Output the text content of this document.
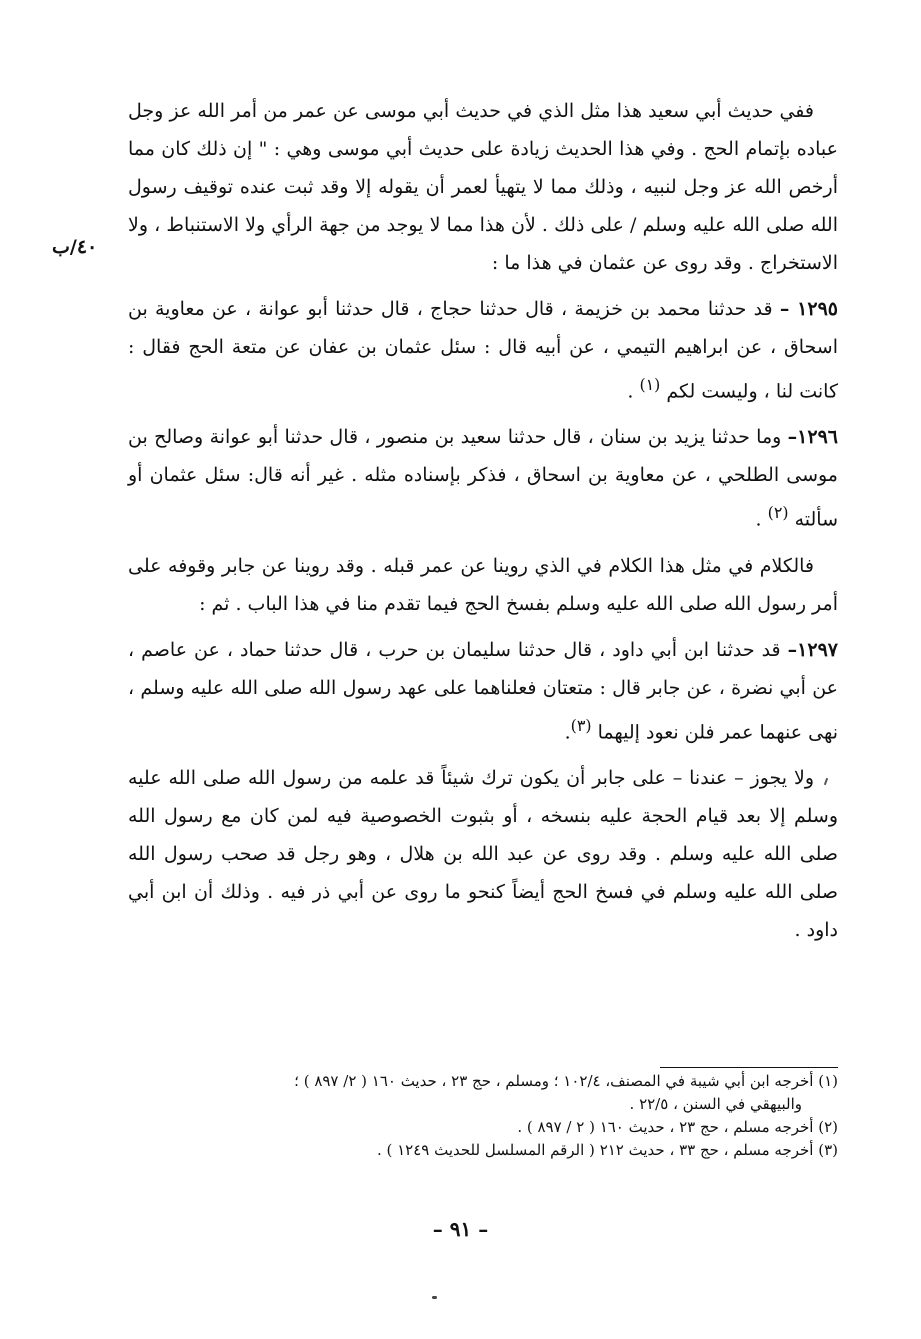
ففي حديث أبي سعيد هذا مثل الذي في حديث أبي موسى عن عمر من أمر الله عز وجل عباده بإتمام الحج . وفي هذا الحديث زيادة على حديث أبي موسى وهي : " إن ذلك كان مما أرخص الله عز وجل لنبيه ، وذلك مما لا يتهيأ لعمر أن يقوله إلا وقد ثبت عنده توقيف رسول الله صلى الله عليه وسلم / على ذلك . لأن هذا مما لا يوجد من جهة الرأي ولا الاستنباط ، ولا الاستخراج . وقد روى عن عثمان في هذا ما :

١٢٩٥ – قد حدثنا محمد بن خزيمة ، قال حدثنا حجاج ، قال حدثنا أبو عوانة ، عن معاوية بن اسحاق ، عن ابراهيم التيمي ، عن أبيه قال : سئل عثمان بن عفان عن متعة الحج فقال : كانت لنا ، وليست لكم $^{(١)}$ .

١٢٩٦– وما حدثنا يزيد بن سنان ، قال حدثنا سعيد بن منصور ، قال حدثنا أبو عوانة وصالح بن موسى الطلحي ، عن معاوية بن اسحاق ، فذكر بإسناده مثله . غير أنه قال: سئل عثمان أو سألته $^{(٢)}$ .

فالكلام في مثل هذا الكلام في الذي روينا عن عمر قبله . وقد روينا عن جابر وقوفه على أمر رسول الله صلى الله عليه وسلم بفسخ الحج فيما تقدم منا في هذا الباب . ثم :

١٢٩٧– قد حدثنا ابن أبي داود ، قال حدثنا سليمان بن حرب ، قال حدثنا حماد ، عن عاصم ، عن أبي نضرة ، عن جابر قال : متعتان فعلناهما على عهد رسول الله صلى الله عليه وسلم ، نهى عنهما عمر فلن نعود إليهما $^{(٣)}$.

ولا يجوز – عندنا – على جابر أن يكون ترك شيئاً قد علمه من رسول الله صلى الله عليه وسلم إلا بعد قيام الحجة عليه بنسخه ، أو بثبوت الخصوصية فيه لمن كان مع رسول الله صلى الله عليه وسلم . وقد روى عن عبد الله بن هلال ، وهو رجل قد صحب رسول الله صلى الله عليه وسلم في فسخ الحج أيضاً كنحو ما روى عن أبي ذر فيه . وذلك أن ابن أبي داود .

٤٠/ب

(١) أخرجه ابن أبي شيبة في المصنف، ١٠٢/٤ ؛ ومسلم ، حج ٢٣ ، حديث ١٦٠ ( ٢/ ٨٩٧ ) ؛

والبيهقي في السنن ، ٢٢/٥ .

(٢) أخرجه مسلم ، حج ٢٣ ، حديث ١٦٠ ( ٢ / ٨٩٧ ) .

(٣) أخرجه مسلم ، حج ٣٣ ، حديث ٢١٢ ( الرقم المسلسل للحديث ١٢٤٩ ) .

– ٩١ –
